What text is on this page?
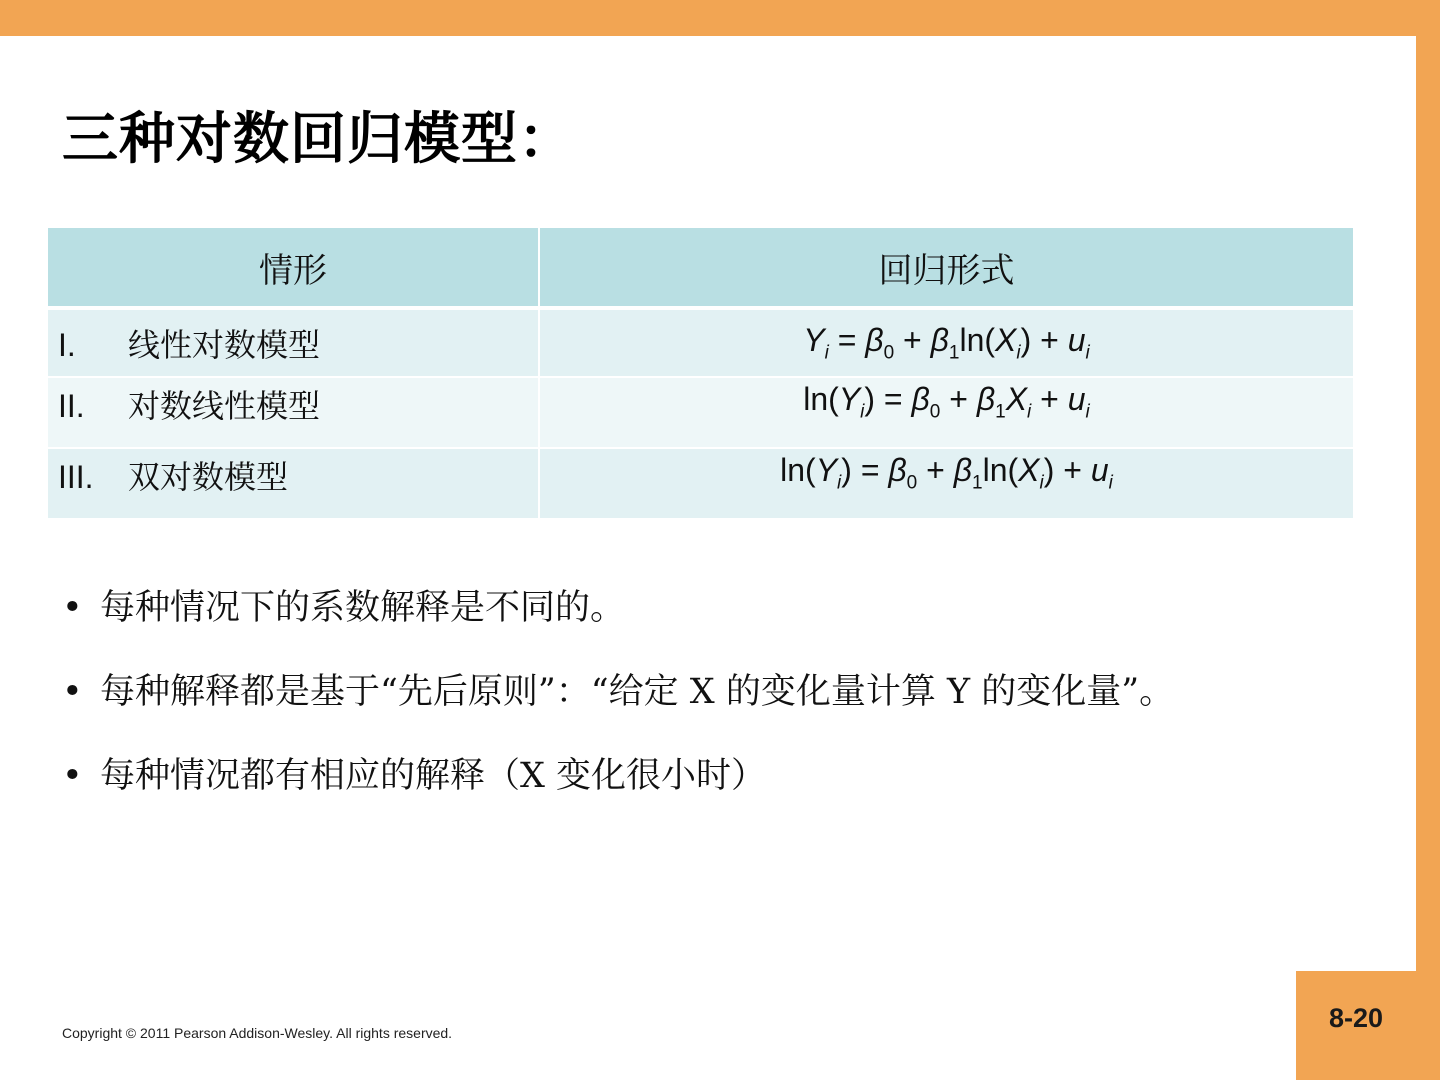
8-20
三种对数回归模型：
情形	回归形式
I. 线性对数模型	$Y_i = \beta_0 + \beta_1\ln(X_i) + u_i$
II. 对数线性模型	$\ln(Y_i) = \beta_0 + \beta_1X_i + u_i$
III. 双对数模型	$\ln(Y_i) = \beta_0 + \beta_1\ln(X_i) + u_i$
• 每种情况下的系数解释是不同的。
• 每种解释都是基于“先后原则”：“给定 X 的变化量计算 Y 的变化量”。
• 每种情况都有相应的解释（X 变化很小时）
Copyright © 2011 Pearson Addison-Wesley. All rights reserved.
